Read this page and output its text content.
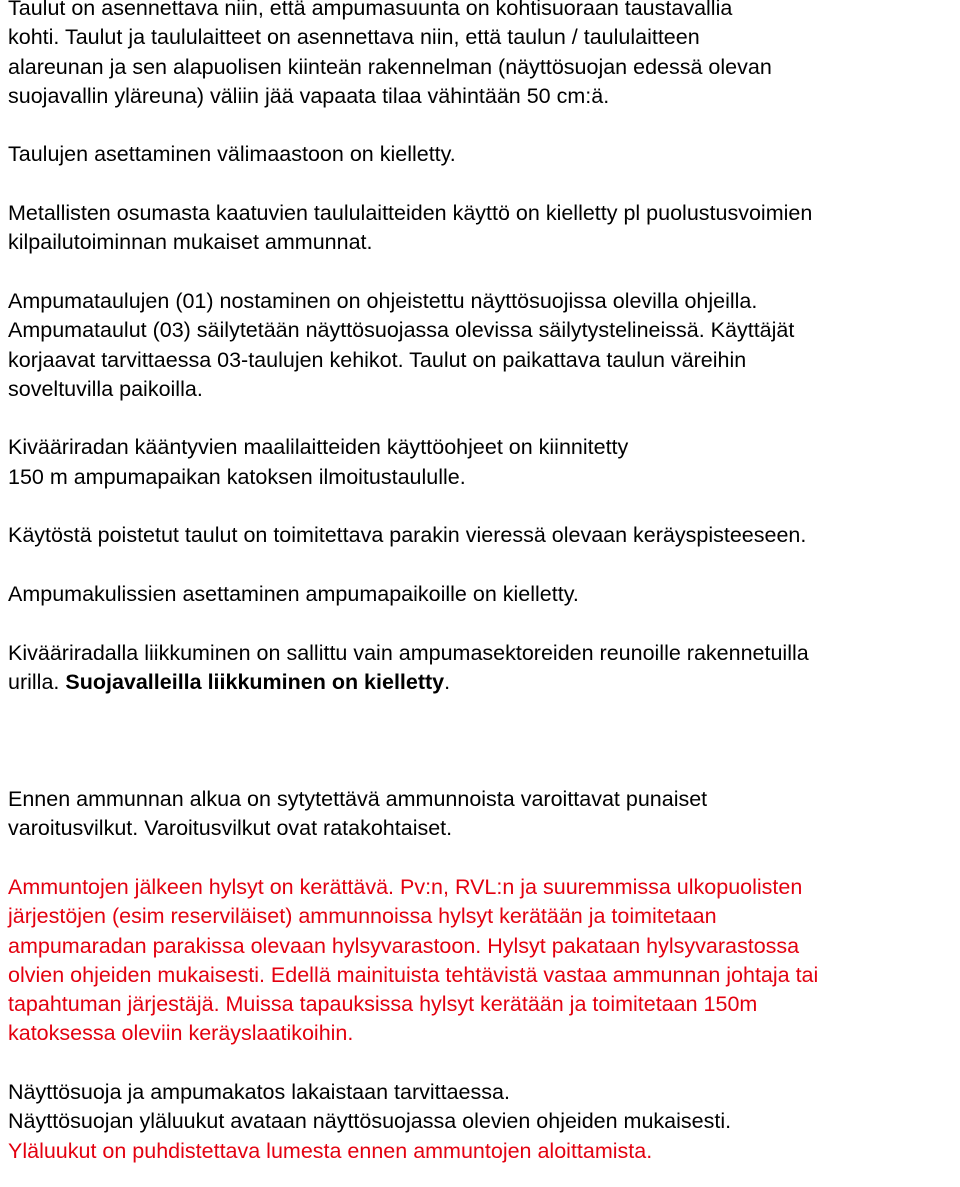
Taulut on asennettava niin, että ampumasuunta on kohtisuoraan taustavallia
kohti. Taulut ja taululaitteet on asennettava niin, että taulun / taululaitteen
alareunan ja sen alapuolisen kiinteän rakennelman (näyttösuojan edessä olevan
suojavallin yläreuna) väliin jää vapaata tilaa vähintään 50 cm:ä.

Taulujen asettaminen välimaastoon on kielletty.

Metallisten osumasta kaatuvien taululaitteiden käyttö on kielletty pl puolustusvoimien
kilpailutoiminnan mukaiset ammunnat.

Ampumataulujen (01) nostaminen on ohjeistettu näyttösuojissa olevilla ohjeilla.
Ampumataulut (03) säilytetään näyttösuojassa olevissa säilytystelineissä. Käyttäjät
korjaavat tarvittaessa 03-taulujen kehikot. Taulut on paikattava taulun väreihin
soveltuvilla paikoilla.

Kivääriradan kääntyvien maalilaitteiden käyttöohjeet on kiinnitetty
150 m ampumapaikan katoksen ilmoitustaululle.

Käytöstä poistetut taulut on toimitettava parakin vieressä olevaan keräyspisteeseen.

Ampumakulissien asettaminen ampumapaikoille on kielletty.

Kivääriradalla liikkuminen on sallittu vain ampumasektoreiden reunoille rakennetuilla
urilla. Suojavalleilla liikkuminen on kielletty.

Ennen ammunnan alkua on sytytettävä ammunnoista varoittavat punaiset
varoitusvilkut. Varoitusvilkut ovat ratakohtaiset.

Ammuntojen jälkeen hylsyt on kerättävä. Pv:n, RVL:n ja suuremmissa ulkopuolisten
järjestöjen (esim reserviläiset) ammunnoissa hylsyt kerätään ja toimitetaan
ampumaradan parakissa olevaan hylsyvarastoon. Hylsyt pakataan hylsyvarastossa
olvien ohjeiden mukaisesti. Edellä mainituista tehtävistä vastaa ammunnan johtaja tai
tapahtuman järjestäjä. Muissa tapauksissa hylsyt kerätään ja toimitetaan 150m
katoksessa oleviin keräyslaatikoihin.

Näyttösuoja ja ampumakatos lakaistaan tarvittaessa.
Näyttösuojan yläluukut avataan näyttösuojassa olevien ohjeiden mukaisesti.
Yläluukut on puhdistettava lumesta ennen ammuntojen aloittamista.
